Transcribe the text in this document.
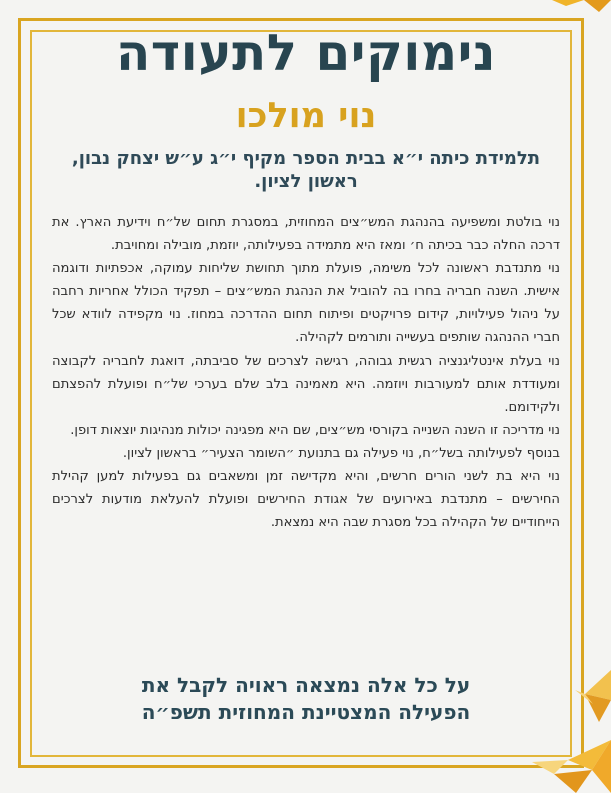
נימוקים לתעודה
נוי מולכו

תלמידת כיתה י״א בבית הספר מקיף י״ג ע״ש יצחק נבון, ראשון לציון.

נוי בולטת ומשפיעה בהנהגת המש״צים המחוזית, במסגרת תחום של״ח וידיעת הארץ. את דרכה החלה כבר בכיתה ח׳ ומאז היא מתמידה בפעילותה, יוזמת, מובילה ומחויבת.

נוי מתנדבת ראשונה לכל משימה, פועלת מתוך תחושת שליחות עמוקה, אכפתיות ודוגמה אישית. השנה חבריה בחרו בה להוביל את הנהגת המש״צים – תפקיד הכולל אחריות רחבה על ניהול פעילויות, קידום פרויקטים ופיתוח תחום ההדרכה במחוז. נוי מקפידה לוודא שכל חברי ההנהגה שותפים בעשייה ותורמים לקהילה.

נוי בעלת אינטליגנציה רגשית גבוהה, רגישה לצרכים של סביבתה, דואגת לחבריה לקבוצה ומעודדת אותם למעורבות ויוזמה. היא מאמינה בלב שלם בערכי של״ח ופועלת להפצתם ולקידומם.

נוי מדריכה זו השנה השנייה בקורסי מש״צים, שם היא מפגינה יכולות מנהיגות יוצאות דופן.

בנוסף לפעילותה בשל״ח, נוי פעילה גם בתנועת ״השומר הצעיר״ בראשון לציון.

נוי היא בת לשני הורים חרשים, והיא מקדישה זמן ומשאבים גם בפעילות למען קהילת החירשים – מתנדבת באירועים של אגודת החירשים ופועלת להעלאת מודעות לצרכים הייחודיים של הקהילה בכל מסגרת שבה היא נמצאת.

על כל אלה נמצאה ראויה לקבל את
הפעילה המצטיינת המחוזית תשפ״ה
